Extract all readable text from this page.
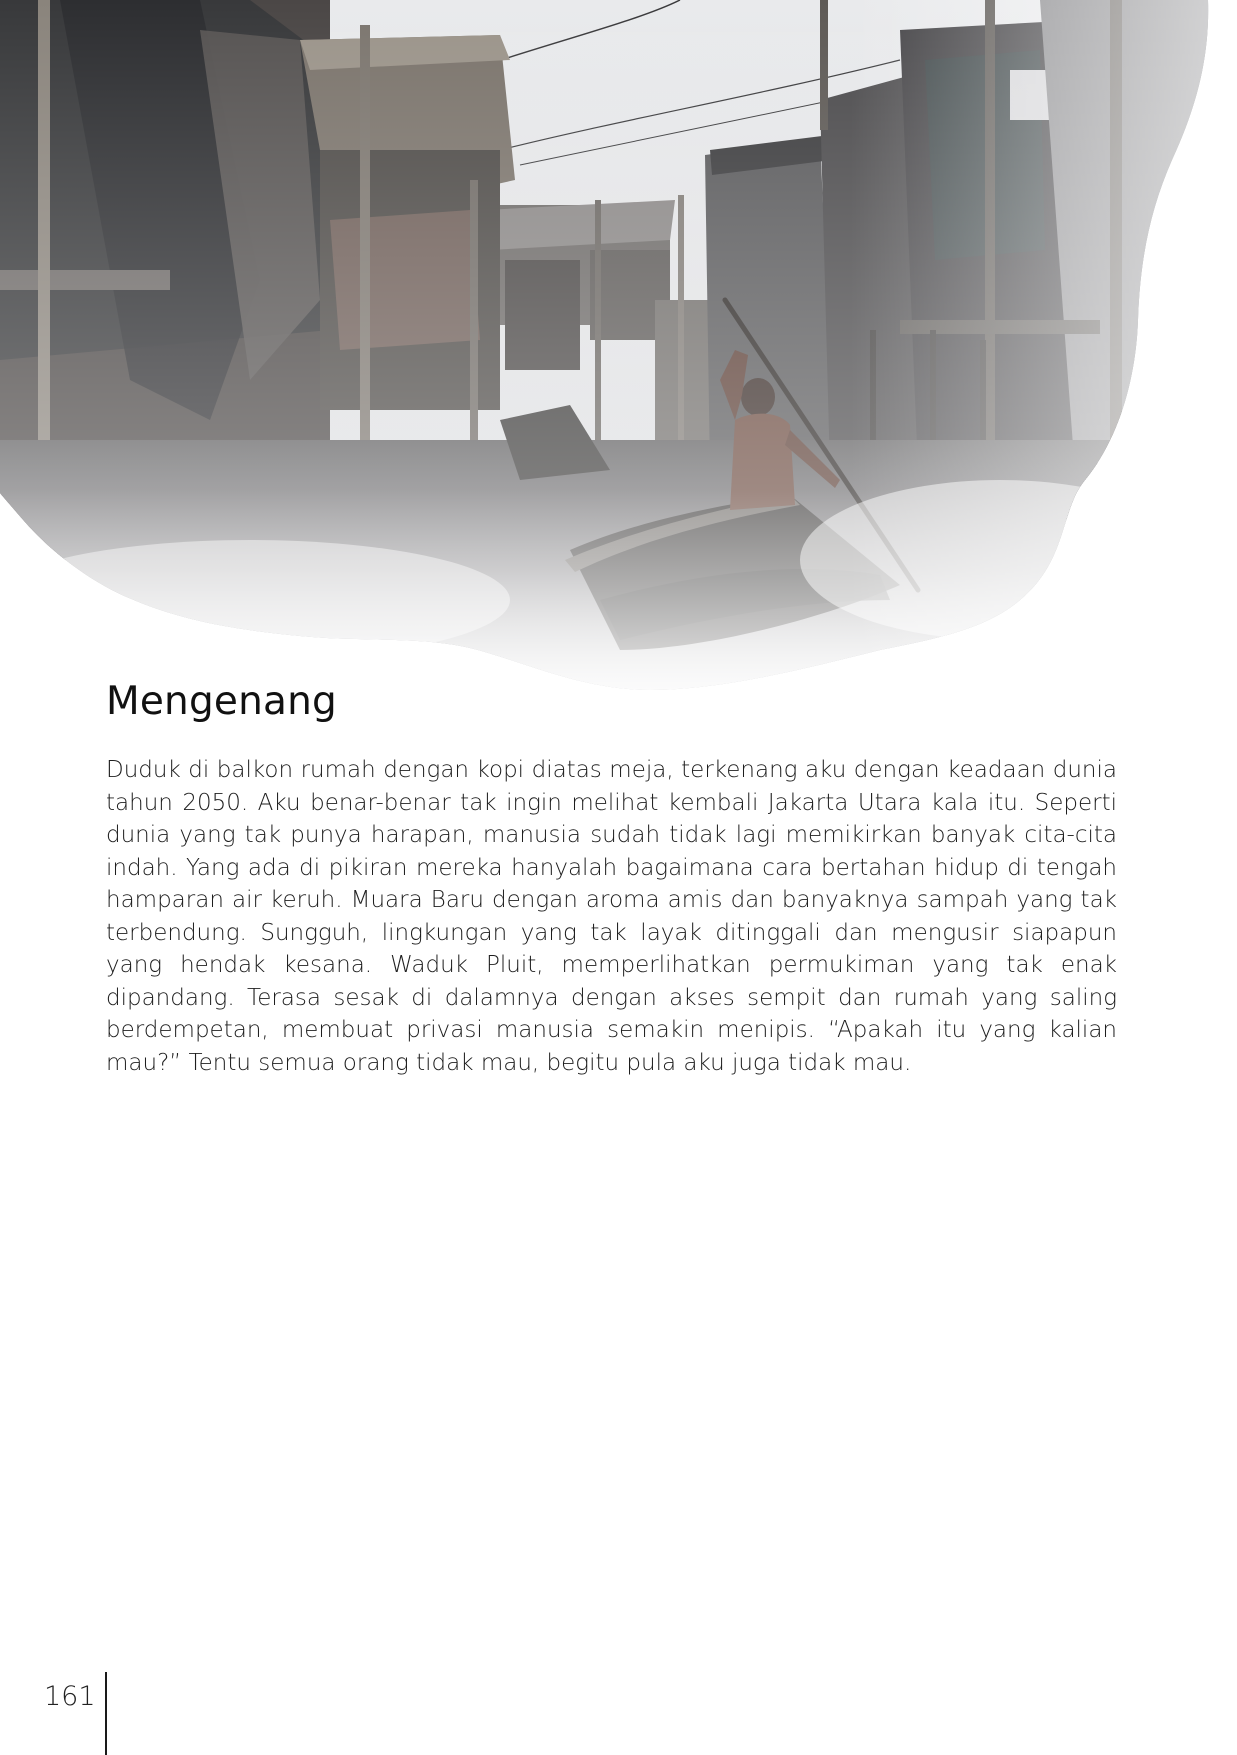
Mengenang

Duduk di balkon rumah dengan kopi diatas meja, terkenang aku dengan keadaan dunia tahun 2050. Aku benar-benar tak ingin melihat kembali Jakarta Utara kala itu. Seperti dunia yang tak punya harapan, manusia sudah tidak lagi memikirkan banyak cita-cita indah. Yang ada di pikiran mereka hanyalah bagaimana cara bertahan hidup di tengah hamparan air keruh. Muara Baru dengan aroma amis dan banyaknya sampah yang tak terbendung. Sungguh, lingkungan yang tak layak ditinggali dan mengusir siapapun yang hendak kesana. Waduk Pluit, memperlihatkan permukiman yang tak enak dipandang. Terasa sesak di dalamnya dengan akses sempit dan rumah yang saling berdempetan, membuat privasi manusia semakin menipis. “Apakah itu yang kalian mau?” Tentu semua orang tidak mau, begitu pula aku juga tidak mau.

161
